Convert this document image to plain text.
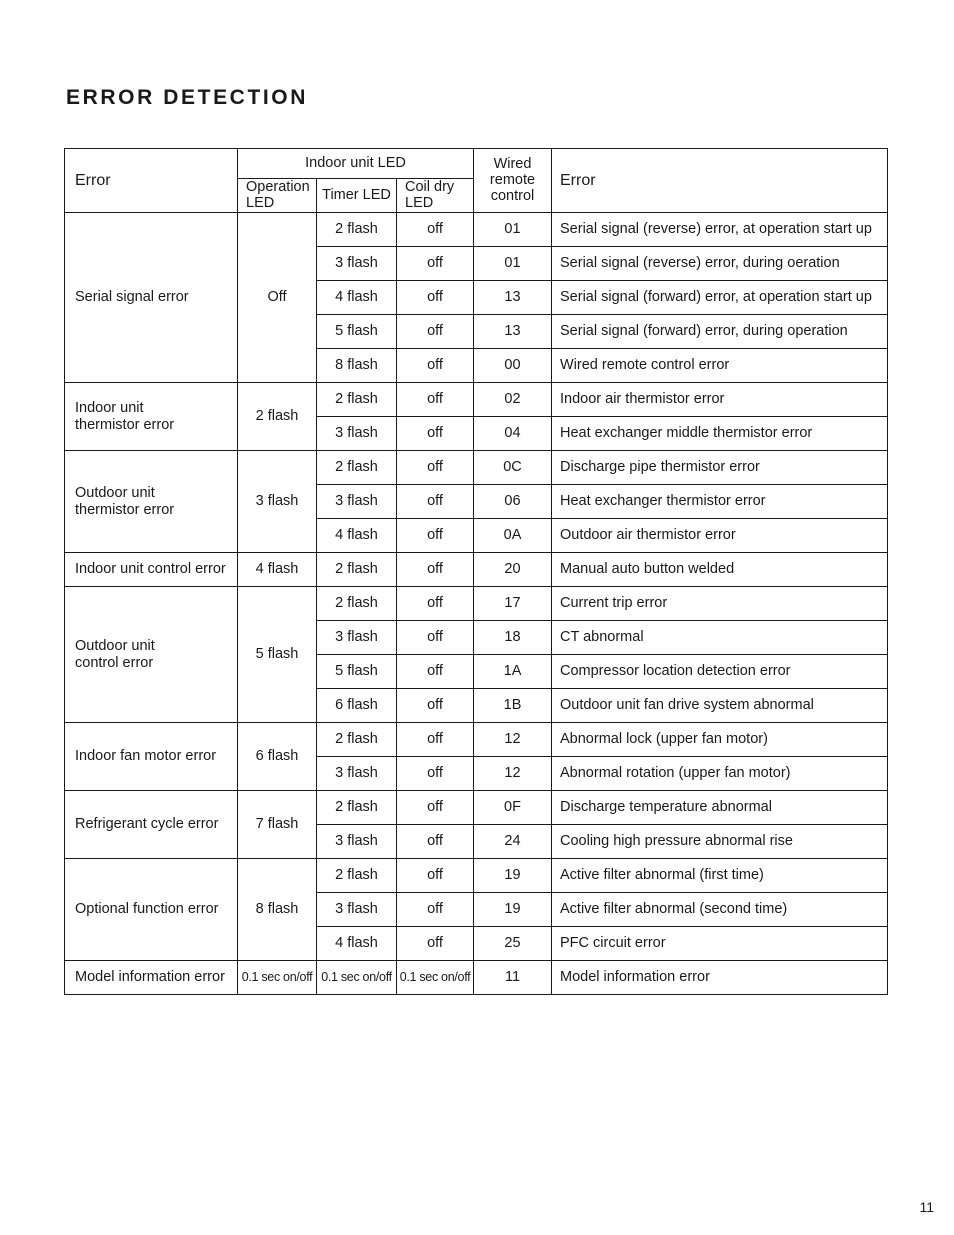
ERROR DETECTION
Error	Indoor unit LED			Wired remote control	Error
	Operation LED	Timer LED	Coil dry LED		
Serial signal error	Off	2 flash	off	01	Serial signal (reverse) error, at operation start up
		3 flash	off	01	Serial signal (reverse) error, during oeration
		4 flash	off	13	Serial signal (forward) error, at operation start up
		5 flash	off	13	Serial signal (forward) error, during operation
		8 flash	off	00	Wired remote control error
Indoor unit thermistor error	2 flash	2 flash	off	02	Indoor air thermistor error
		3 flash	off	04	Heat exchanger middle thermistor error
Outdoor unit thermistor error	3 flash	2 flash	off	0C	Discharge pipe thermistor error
		3 flash	off	06	Heat exchanger thermistor error
		4 flash	off	0A	Outdoor air thermistor error
Indoor unit control error	4 flash	2 flash	off	20	Manual auto button welded
Outdoor unit control error	5 flash	2 flash	off	17	Current trip error
		3 flash	off	18	CT abnormal
		5 flash	off	1A	Compressor location detection error
		6 flash	off	1B	Outdoor unit fan drive system abnormal
Indoor fan motor error	6 flash	2 flash	off	12	Abnormal lock (upper fan motor)
		3 flash	off	12	Abnormal rotation (upper fan motor)
Refrigerant cycle error	7 flash	2 flash	off	0F	Discharge temperature abnormal
		3 flash	off	24	Cooling high pressure abnormal rise
Optional function error	8 flash	2 flash	off	19	Active filter abnormal (first time)
		3 flash	off	19	Active filter abnormal (second time)
		4 flash	off	25	PFC circuit error
Model information error	0.1 sec on/off	0.1 sec on/off	0.1 sec on/off	11	Model information error
11
